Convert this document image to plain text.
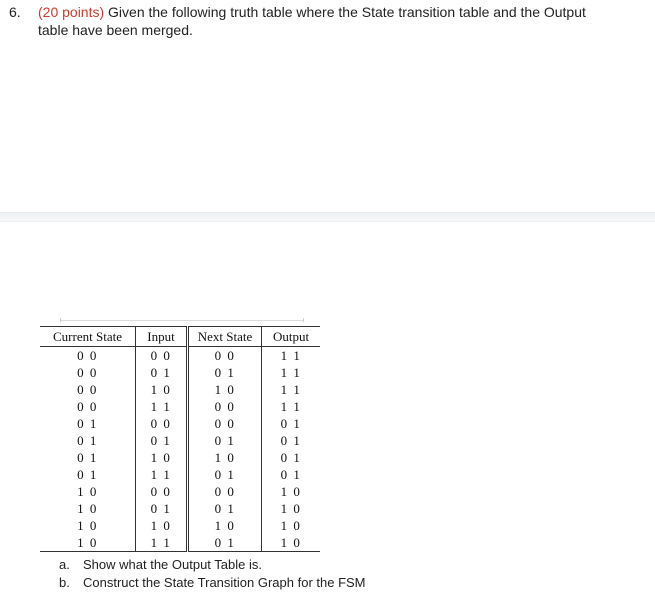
6. (20 points) Given the following truth table where the State transition table and the Output
table have been merged.
Current State	Input	Next State	Output
0 0	0 0	0 0	1 1
0 0	0 1	0 1	1 1
0 0	1 0	1 0	1 1
0 0	1 1	0 0	1 1
0 1	0 0	0 0	0 1
0 1	0 1	0 1	0 1
0 1	1 0	1 0	0 1
0 1	1 1	0 1	0 1
1 0	0 0	0 0	1 0
1 0	0 1	0 1	1 0
1 0	1 0	1 0	1 0
1 0	1 1	0 1	1 0
a. Show what the Output Table is.
b. Construct the State Transition Graph for the FSM
